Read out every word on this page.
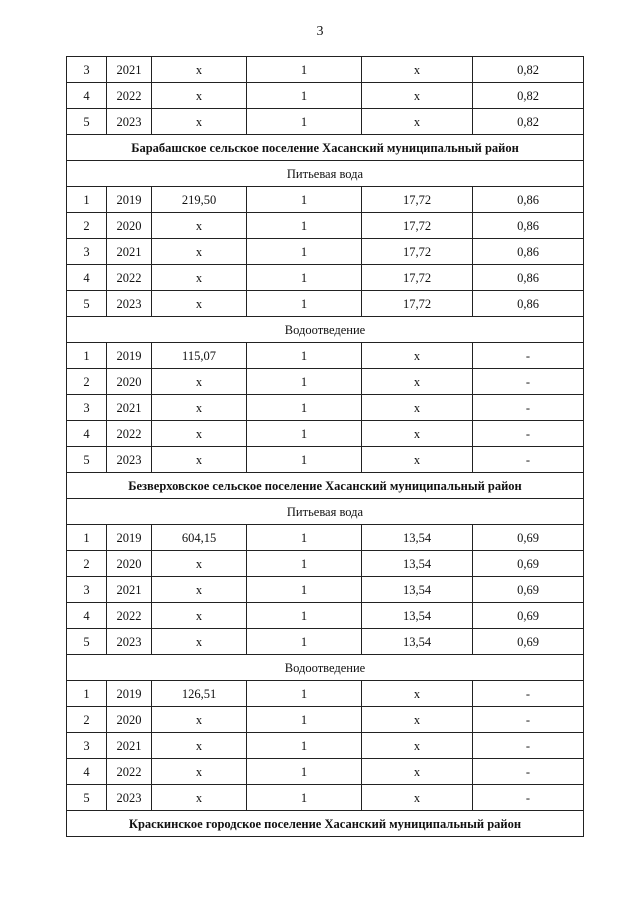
3
3	2021	х	1	х	0,82
4	2022	х	1	х	0,82
5	2023	х	1	х	0,82
Барабашское сельское поселение Хасанский муниципальный район					
Питьевая вода					
1	2019	219,50	1	17,72	0,86
2	2020	х	1	17,72	0,86
3	2021	х	1	17,72	0,86
4	2022	х	1	17,72	0,86
5	2023	х	1	17,72	0,86
Водоотведение					
1	2019	115,07	1	х	-
2	2020	х	1	х	-
3	2021	х	1	х	-
4	2022	х	1	х	-
5	2023	х	1	х	-
Безверховское сельское поселение Хасанский муниципальный район					
Питьевая вода					
1	2019	604,15	1	13,54	0,69
2	2020	х	1	13,54	0,69
3	2021	х	1	13,54	0,69
4	2022	х	1	13,54	0,69
5	2023	х	1	13,54	0,69
Водоотведение					
1	2019	126,51	1	х	-
2	2020	х	1	х	-
3	2021	х	1	х	-
4	2022	х	1	х	-
5	2023	х	1	х	-
Краскинское городское поселение Хасанский муниципальный район					
